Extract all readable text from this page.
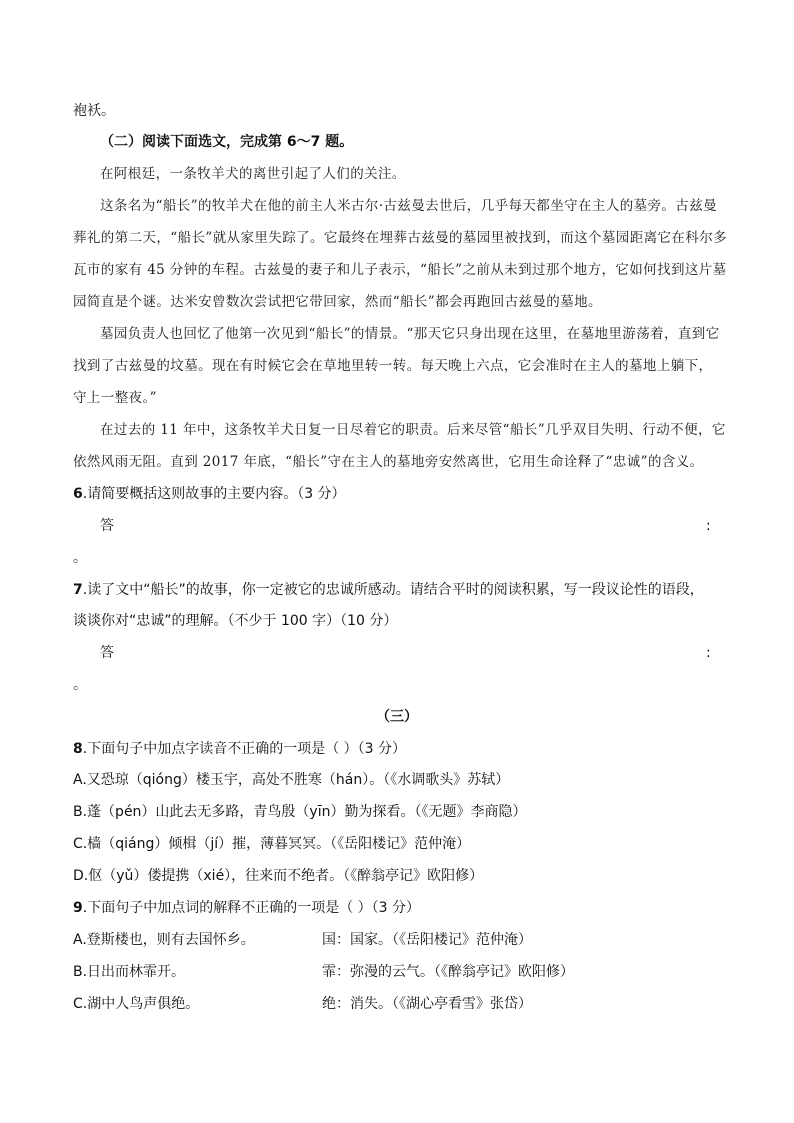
袍袄。
（二）阅读下面选文，完成第 6～7 题。
在阿根廷，一条牧羊犬的离世引起了人们的关注。
这条名为“船长”的牧羊犬在他的前主人米古尔·古兹曼去世后，几乎每天都坐守在主人的墓旁。古兹曼
葬礼的第二天，“船长”就从家里失踪了。它最终在埋葬古兹曼的墓园里被找到，而这个墓园距离它在科尔多
瓦市的家有 45 分钟的车程。古兹曼的妻子和儿子表示，“船长”之前从未到过那个地方，它如何找到这片墓
园简直是个谜。达米安曾数次尝试把它带回家，然而“船长”都会再跑回古兹曼的墓地。
墓园负责人也回忆了他第一次见到“船长”的情景。“那天它只身出现在这里，在墓地里游荡着，直到它
找到了古兹曼的坟墓。现在有时候它会在草地里转一转。每天晚上六点，它会准时在主人的墓地上躺下，
守上一整夜。”
在过去的 11 年中，这条牧羊犬日复一日尽着它的职责。后来尽管“船长”几乎双目失明、行动不便，它
依然风雨无阻。直到 2017 年底，“船长”守在主人的墓地旁安然离世，它用生命诠释了“忠诚”的含义。
6.请简要概括这则故事的主要内容。（3 分）
答	:
。
7.读了文中“船长”的故事，你一定被它的忠诚所感动。请结合平时的阅读积累，写一段议论性的语段，
谈谈你对“忠诚”的理解。（不少于 100 字）（10 分）
答	:
。
（三）
8.下面句子中加点字读音不正确的一项是（ ）（3 分）
A.又恐琼（qióng）楼玉宇，高处不胜寒（hán）。（《水调歌头》苏轼）
B.蓬（pén）山此去无多路，青鸟殷（yīn）勤为探看。（《无题》李商隐）
C.樯（qiáng）倾楫（jí）摧，薄暮冥冥。（《岳阳楼记》范仲淹）
D.伛（yǔ）偻提携（xié），往来而不绝者。（《醉翁亭记》欧阳修）
9.下面句子中加点词的解释不正确的一项是（ ）（3 分）
A.登斯楼也，则有去国怀乡。	国：国家。（《岳阳楼记》范仲淹）
B.日出而林霏开。	霏：弥漫的云气。（《醉翁亭记》欧阳修）
C.湖中人鸟声俱绝。	绝：消失。（《湖心亭看雪》张岱）
